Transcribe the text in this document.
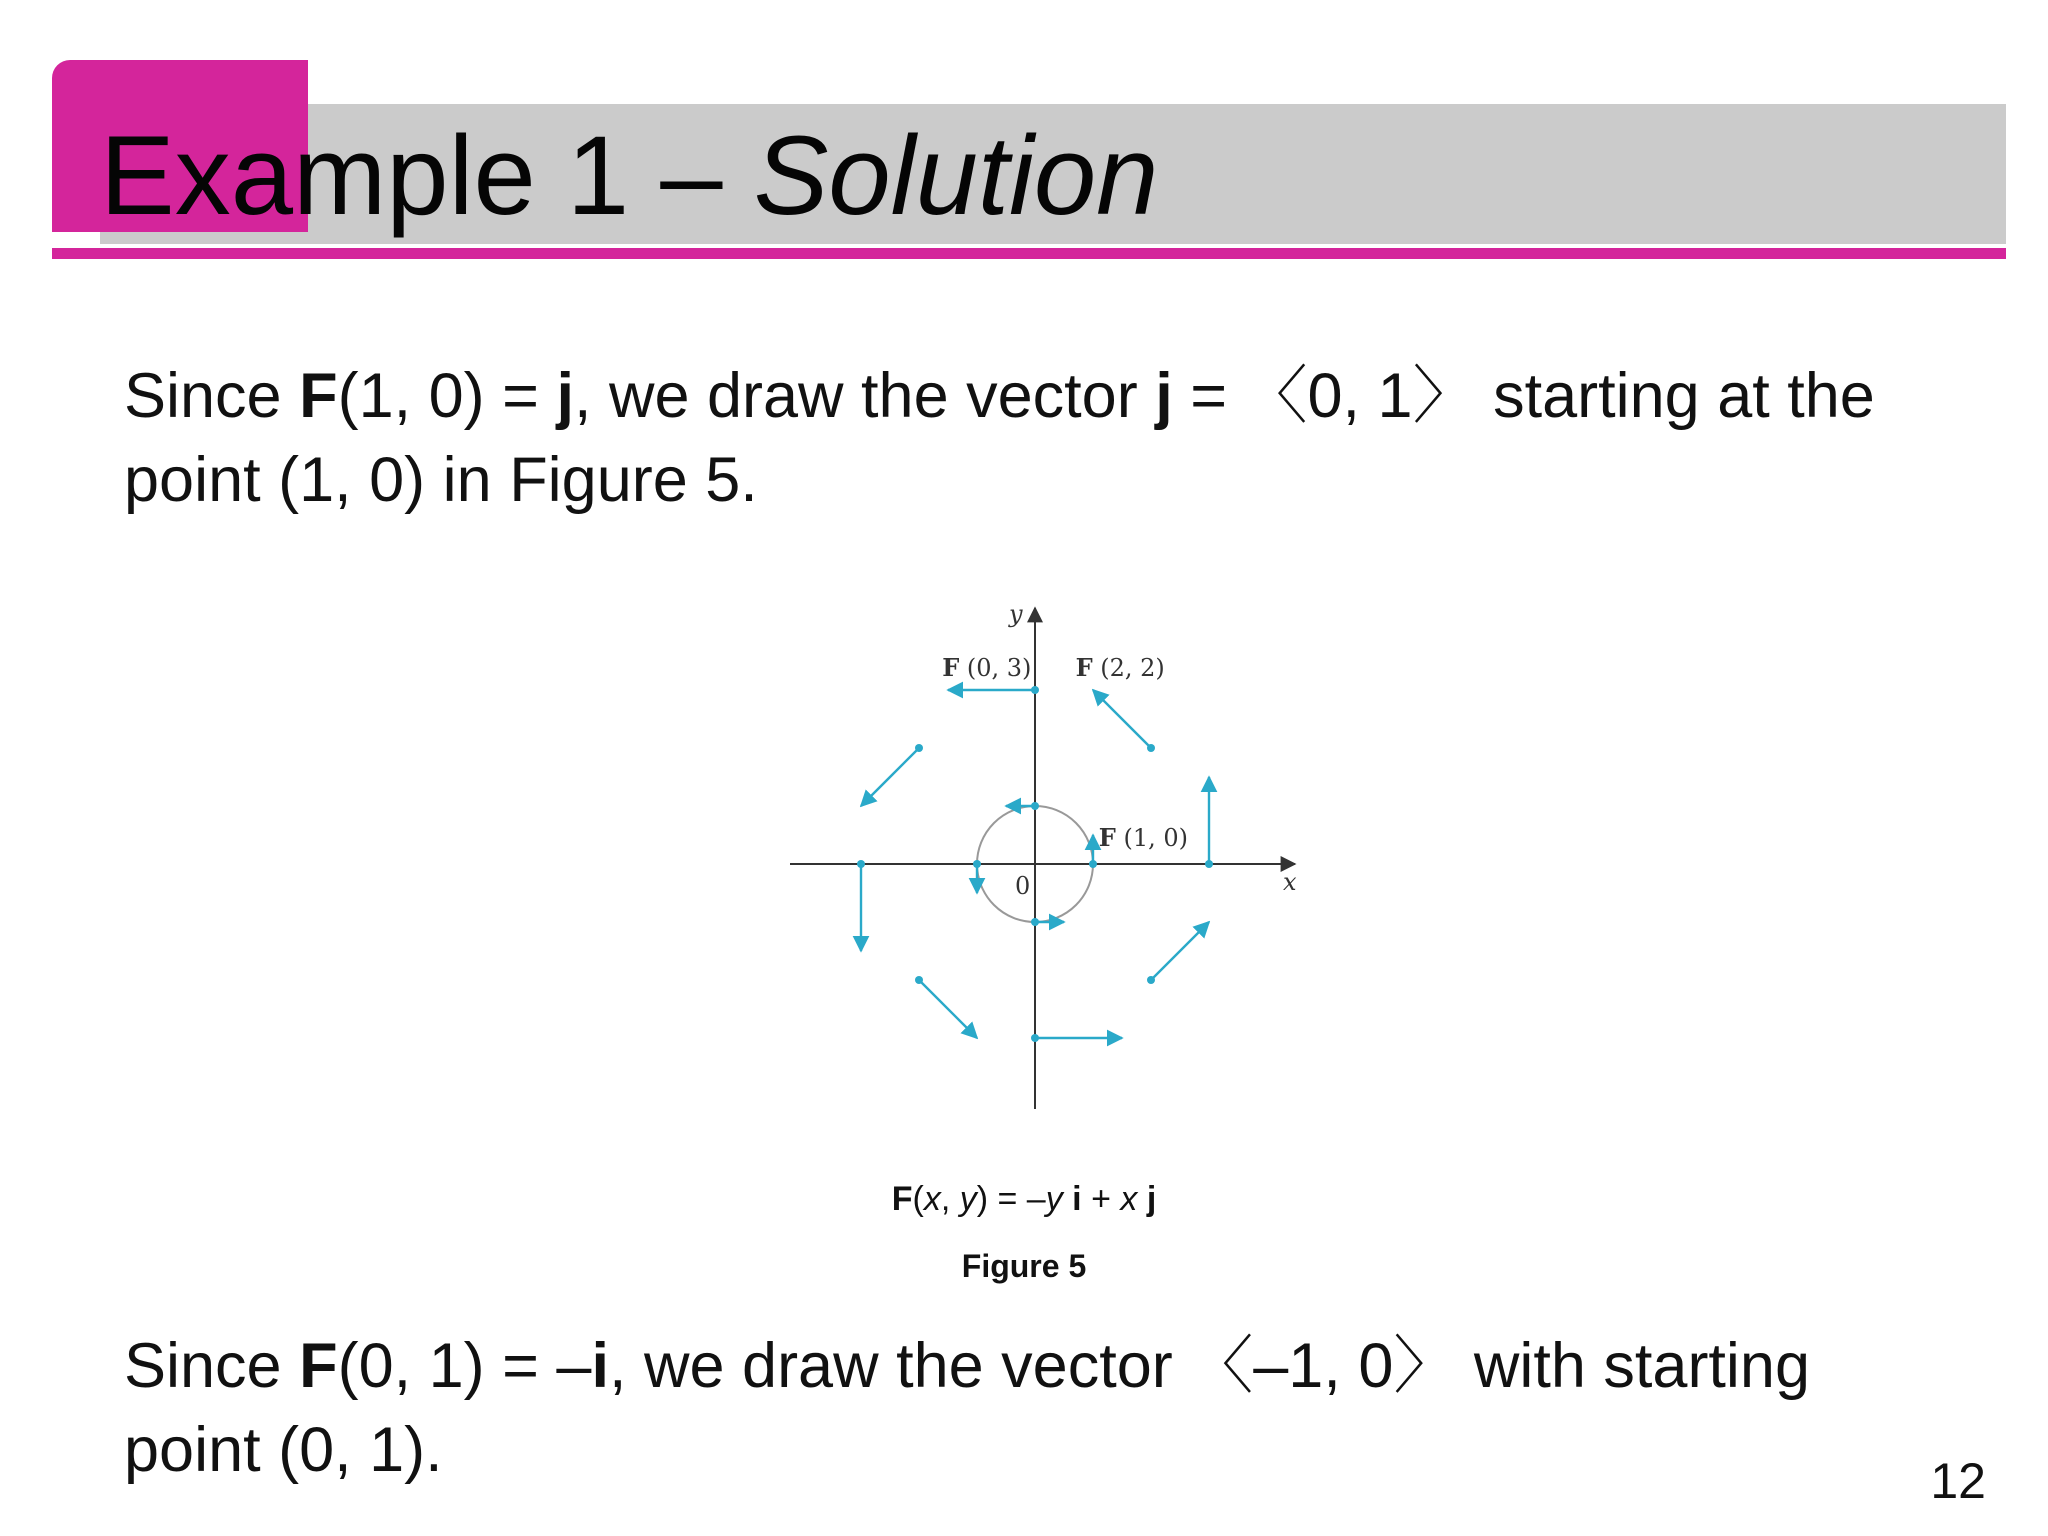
Example 1 – Solution

Since F(1, 0) = j, we draw the vector j = 〈0, 1〉 starting at the point (1, 0) in Figure 5.

y
x
0
F (0, 3) F (2, 2)
F (1, 0)
F(x, y) = –y i + x j
Figure 5

Since F(0, 1) = –i, we draw the vector 〈–1, 0〉 with starting point (0, 1).	12
